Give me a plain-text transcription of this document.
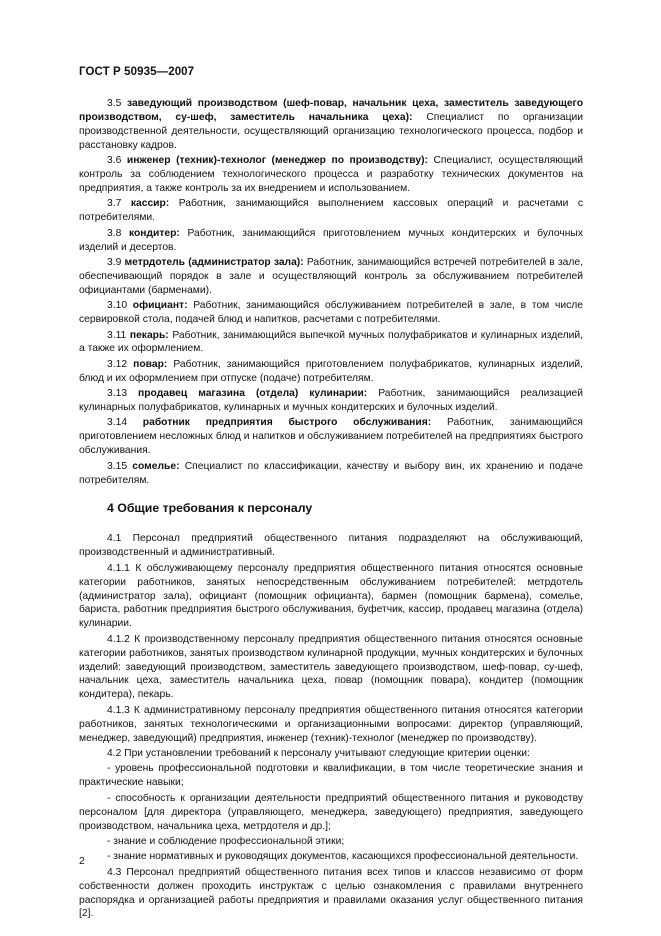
ГОСТ Р 50935—2007

3.5 заведующий производством (шеф-повар, начальник цеха, заместитель заведующего производством, су-шеф, заместитель начальника цеха): Специалист по организации производственной деятельности, осуществляющий организацию технологического процесса, подбор и расстановку кадров.

3.6 инженер (техник)-технолог (менеджер по производству): Специалист, осуществляющий контроль за соблюдением технологического процесса и разработку технических документов на предприятия, а также контроль за их внедрением и использованием.

3.7 кассир: Работник, занимающийся выполнением кассовых операций и расчетами с потребителями.

3.8 кондитер: Работник, занимающийся приготовлением мучных кондитерских и булочных изделий и десертов.

3.9 метрдотель (администратор зала): Работник, занимающийся встречей потребителей в зале, обеспечивающий порядок в зале и осуществляющий контроль за обслуживанием потребителей официантами (барменами).

3.10 официант: Работник, занимающийся обслуживанием потребителей в зале, в том числе сервировкой стола, подачей блюд и напитков, расчетами с потребителями.

3.11 пекарь: Работник, занимающийся выпечкой мучных полуфабрикатов и кулинарных изделий, а также их оформлением.

3.12 повар: Работник, занимающийся приготовлением полуфабрикатов, кулинарных изделий, блюд и их оформлением при отпуске (подаче) потребителям.

3.13 продавец магазина (отдела) кулинарии: Работник, занимающийся реализацией кулинарных полуфабрикатов, кулинарных и мучных кондитерских и булочных изделий.

3.14 работник предприятия быстрого обслуживания: Работник, занимающийся приготовлением несложных блюд и напитков и обслуживанием потребителей на предприятиях быстрого обслуживания.

3.15 сомелье: Специалист по классификации, качеству и выбору вин, их хранению и подаче потребителям.

4 Общие требования к персоналу

4.1 Персонал предприятий общественного питания подразделяют на обслуживающий, производственный и административный.

4.1.1 К обслуживающему персоналу предприятия общественного питания относятся основные категории работников, занятых непосредственным обслуживанием потребителей: метрдотель (администратор зала), официант (помощник официанта), бармен (помощник бармена), сомелье, бариста, работник предприятия быстрого обслуживания, буфетчик, кассир, продавец магазина (отдела) кулинарии.

4.1.2 К производственному персоналу предприятия общественного питания относятся основные категории работников, занятых производством кулинарной продукции, мучных кондитерских и булочных изделий: заведующий производством, заместитель заведующего производством, шеф-повар, су-шеф, начальник цеха, заместитель начальника цеха, повар (помощник повара), кондитер (помощник кондитера), пекарь.

4.1.3 К административному персоналу предприятия общественного питания относятся категории работников, занятых технологическими и организационными вопросами: директор (управляющий, менеджер, заведующий) предприятия, инженер (техник)-технолог (менеджер по производству).

4.2 При установлении требований к персоналу учитывают следующие критерии оценки:

- уровень профессиональной подготовки и квалификации, в том числе теоретические знания и практические навыки;

- способность к организации деятельности предприятий общественного питания и руководству персоналом [для директора (управляющего, менеджера, заведующего) предприятия, заведующего производством, начальника цеха, метрдотеля и др.];

- знание и соблюдение профессиональной этики;

- знание нормативных и руководящих документов, касающихся профессиональной деятельности.

4.3 Персонал предприятий общественного питания всех типов и классов независимо от форм собственности должен проходить инструктаж с целью ознакомления с правилами внутреннего распорядка и организацией работы предприятия и правилами оказания услуг общественного питания [2].

2
